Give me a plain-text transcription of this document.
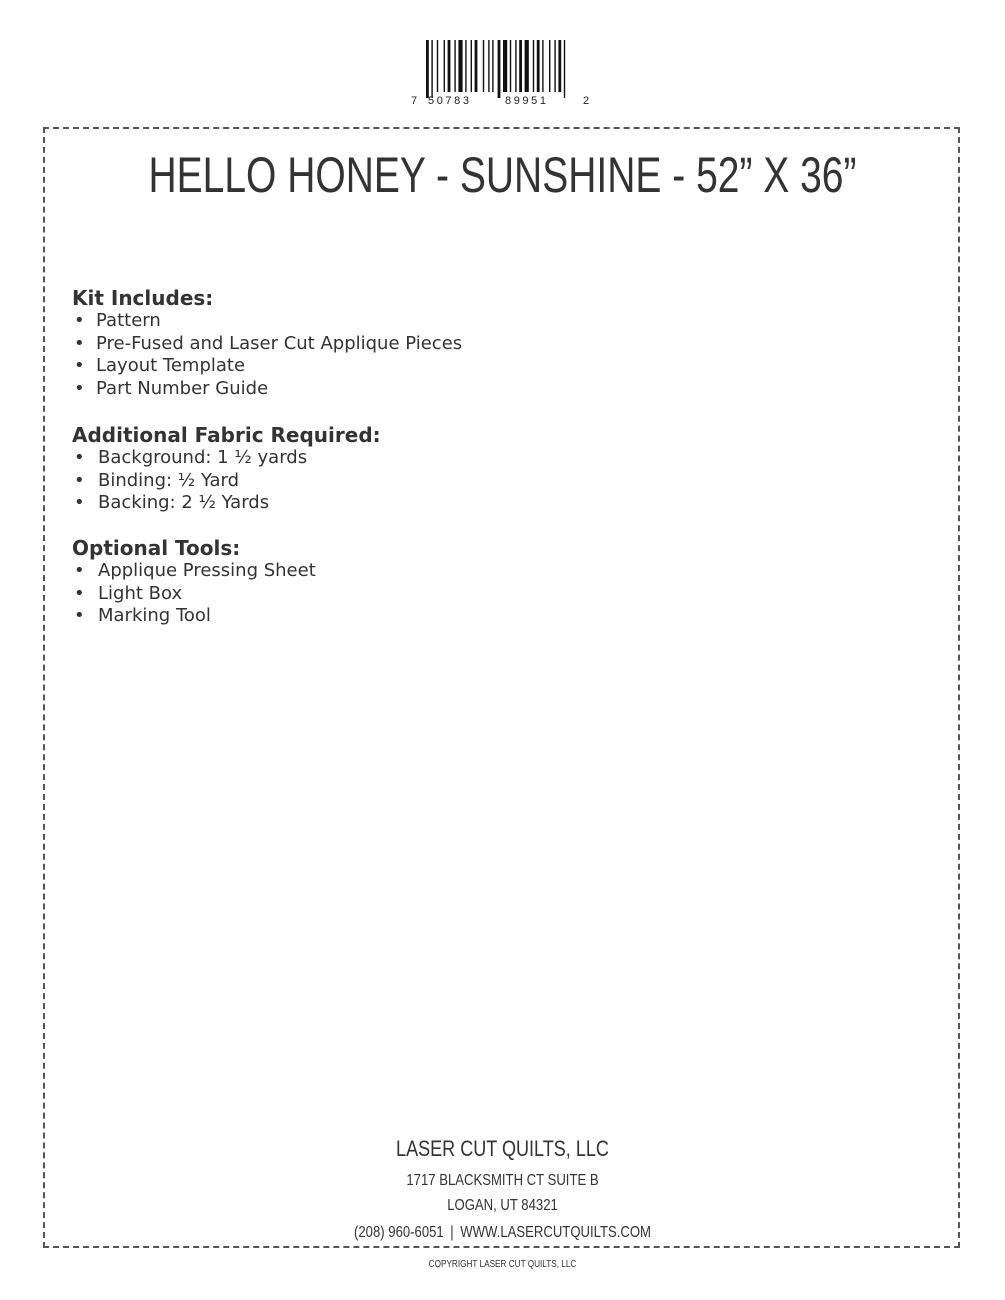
7 50783	89951	2
HELLO HONEY - SUNSHINE - 52” X 36”

Kit Includes:

• Pattern
• Pre-Fused and Laser Cut Applique Pieces
• Layout Template
• Part Number Guide

Additional Fabric Required:

• Background: 1 ½ yards
• Binding: ½ Yard
• Backing: 2 ½ Yards

Optional Tools:

• Applique Pressing Sheet
• Light Box
• Marking Tool
LASER CUT QUILTS, LLC
1717 BLACKSMITH CT SUITE B
LOGAN, UT 84321
(208) 960-6051 | WWW.LASERCUTQUILTS.COM
COPYRIGHT LASER CUT QUILTS, LLC
